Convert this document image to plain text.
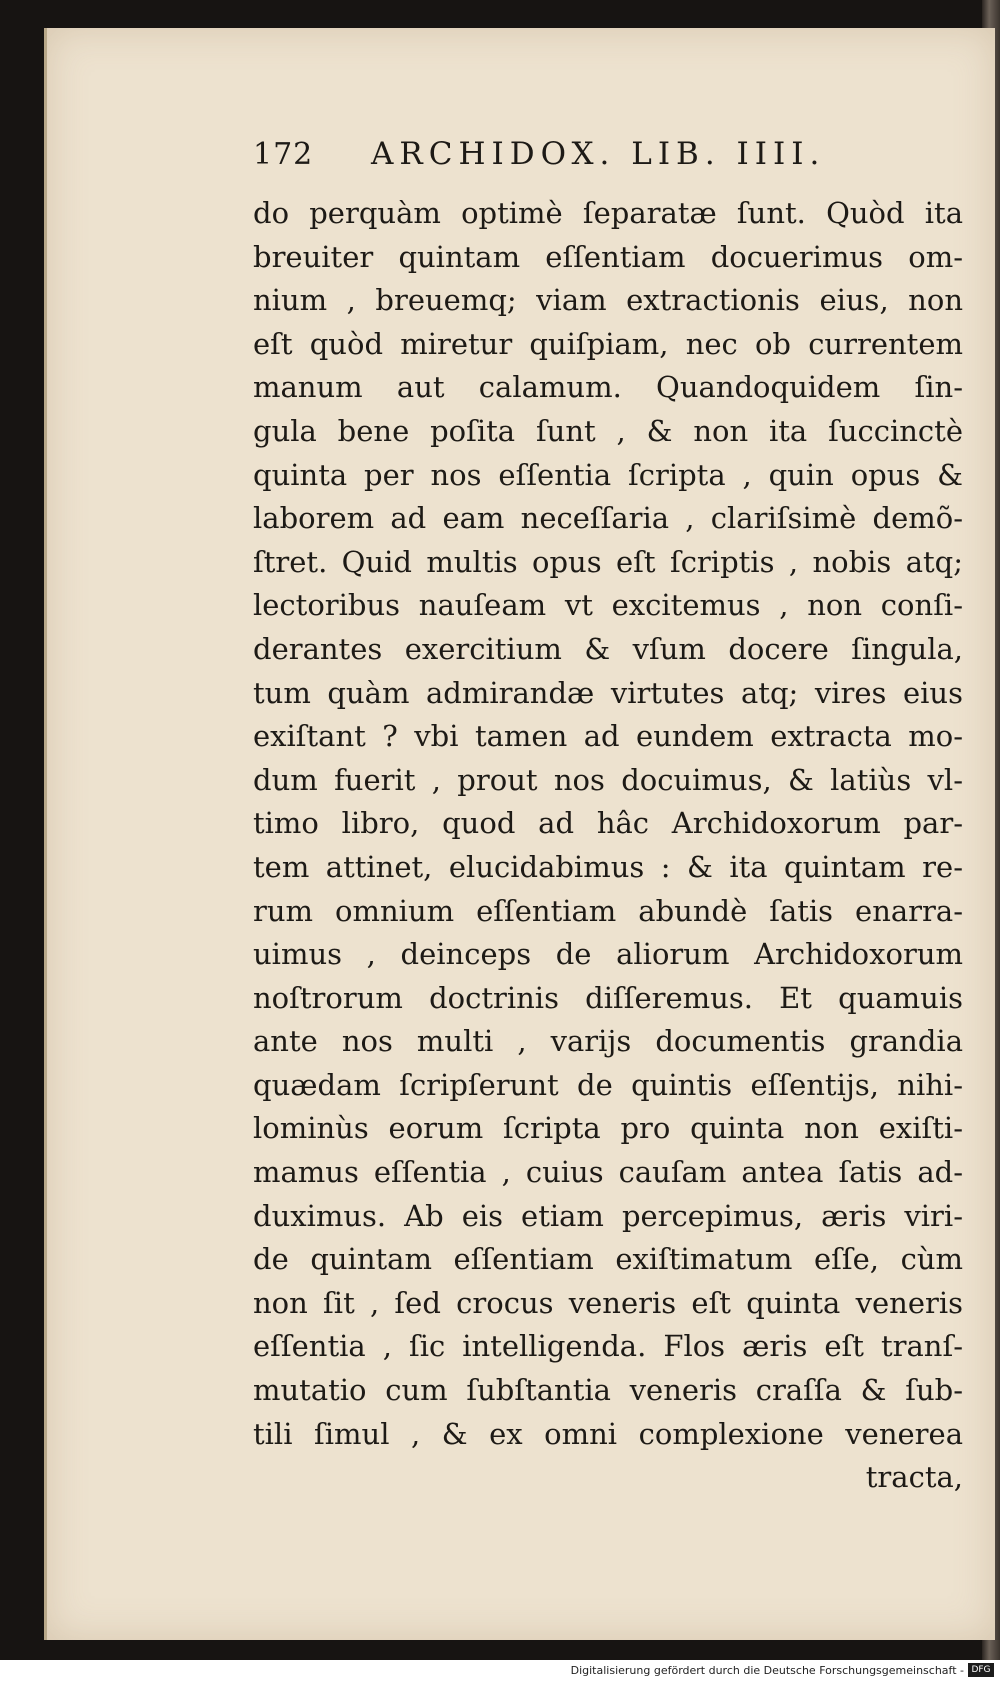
172	ARCHIDOX. LIB. IIII.
do perquàm optimè ſeparatæ ſunt. Quòd ita
breuiter quintam eſſentiam docuerimus om-
nium , breuemq; viam extractionis eius, non
eſt quòd miretur quiſpiam, nec ob currentem
manum aut calamum. Quandoquidem ſin-
gula bene poſita ſunt , & non ita ſuccinctè
quinta per nos eſſentia ſcripta , quin opus &
laborem ad eam neceſſaria , clariſsimè demõ-
ſtret. Quid multis opus eſt ſcriptis , nobis atq;
lectoribus nauſeam vt excitemus , non conſi-
derantes exercitium & vſum docere ſingula,
tum quàm admirandæ virtutes atq; vires eius
exiſtant ? vbi tamen ad eundem extracta mo-
dum fuerit , prout nos docuimus, & latiùs vl-
timo libro, quod ad hâc Archidoxorum par-
tem attinet, elucidabimus : & ita quintam re-
rum omnium eſſentiam abundè ſatis enarra-
uimus , deinceps de aliorum Archidoxorum
noſtrorum doctrinis diſſeremus. Et quamuis
ante nos multi , varijs documentis grandia
quædam ſcripſerunt de quintis eſſentijs, nihi-
lominùs eorum ſcripta pro quinta non exiſti-
mamus eſſentia , cuius cauſam antea ſatis ad-
duximus. Ab eis etiam percepimus, æris viri-
de quintam eſſentiam exiſtimatum eſſe, cùm
non ſit , ſed crocus veneris eſt quinta veneris
eſſentia , ſic intelligenda. Flos æris eſt tranſ-
mutatio cum ſubſtantia veneris craſſa & ſub-
tili ſimul , & ex omni complexione venerea
tracta,
Digitalisierung gefördert durch die Deutsche Forschungsgemeinschaft - DFG
